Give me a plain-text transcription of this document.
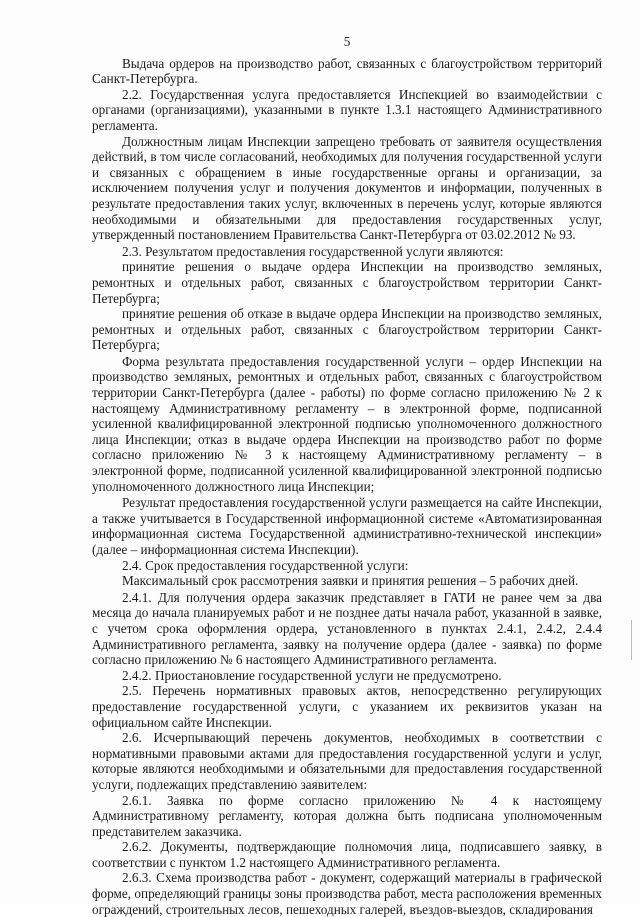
5

Выдача ордеров на производство работ, связанных с благоустройством территорий Санкт-Петербурга.

2.2. Государственная услуга предоставляется Инспекцией во взаимодействии с органами (организациями), указанными в пункте 1.3.1 настоящего Административного регламента.

Должностным лицам Инспекции запрещено требовать от заявителя осуществления действий, в том числе согласований, необходимых для получения государственной услуги и связанных с обращением в иные государственные органы и организации, за исключением получения услуг и получения документов и информации, полученных в результате предоставления таких услуг, включенных в перечень услуг, которые являются необходимыми и обязательными для предоставления государственных услуг, утвержденный постановлением Правительства Санкт-Петербурга от 03.02.2012 № 93.

2.3. Результатом предоставления государственной услуги являются:

принятие решения о выдаче ордера Инспекции на производство земляных, ремонтных и отдельных работ, связанных с благоустройством территории Санкт-Петербурга;

принятие решения об отказе в выдаче ордера Инспекции на производство земляных, ремонтных и отдельных работ, связанных с благоустройством территории Санкт-Петербурга;

Форма результата предоставления государственной услуги – ордер Инспекции на производство земляных, ремонтных и отдельных работ, связанных с благоустройством территории Санкт-Петербурга (далее - работы) по форме согласно приложению № 2 к настоящему Административному регламенту – в электронной форме, подписанной усиленной квалифицированной электронной подписью уполномоченного должностного лица Инспекции; отказ в выдаче ордера Инспекции на производство работ по форме согласно приложению № 3 к настоящему Административному регламенту – в электронной форме, подписанной усиленной квалифицированной электронной подписью уполномоченного должностного лица Инспекции;

Результат предоставления государственной услуги размещается на сайте Инспекции, а также учитывается в Государственной информационной системе «Автоматизированная информационная система Государственной административно-технической инспекции» (далее – информационная система Инспекции).

2.4. Срок предоставления государственной услуги:

Максимальный срок рассмотрения заявки и принятия решения – 5 рабочих дней.

2.4.1. Для получения ордера заказчик представляет в ГАТИ не ранее чем за два месяца до начала планируемых работ и не позднее даты начала работ, указанной в заявке, с учетом срока оформления ордера, установленного в пунктах 2.4.1, 2.4.2, 2.4.4 Административного регламента, заявку на получение ордера (далее - заявка) по форме согласно приложению № 6 настоящего Административного регламента.

2.4.2. Приостановление государственной услуги не предусмотрено.

2.5. Перечень нормативных правовых актов, непосредственно регулирующих предоставление государственной услуги, с указанием их реквизитов указан на официальном сайте Инспекции.

2.6. Исчерпывающий перечень документов, необходимых в соответствии с нормативными правовыми актами для предоставления государственной услуги и услуг, которые являются необходимыми и обязательными для предоставления государственной услуги, подлежащих представлению заявителем:

2.6.1. Заявка по форме согласно приложению № 4 к настоящему Административному регламенту, которая должна быть подписана уполномоченным представителем заказчика.

2.6.2. Документы, подтверждающие полномочия лица, подписавшего заявку, в соответствии с пунктом 1.2 настоящего Административного регламента.

2.6.3. Схема производства работ - документ, содержащий материалы в графической форме, определяющий границы зоны производства работ, места расположения временных ограждений, строительных лесов, пешеходных галерей, въездов-выездов, складирования
